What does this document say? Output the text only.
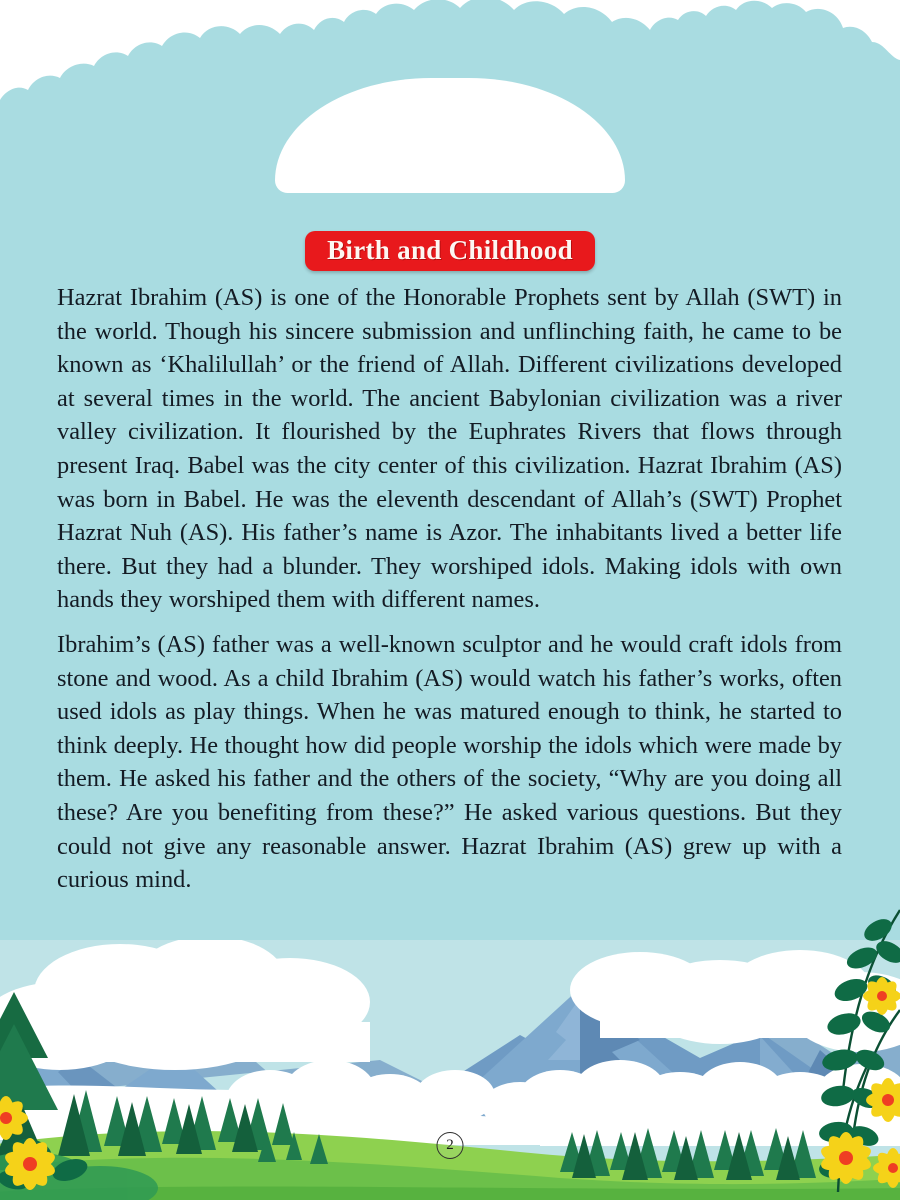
Birth and Childhood

Hazrat Ibrahim (AS) is one of the Honorable Prophets sent by Allah (SWT) in the world. Though his sincere submission and unflinching faith, he came to be known as ‘Khalilullah’ or the friend of Allah. Different civilizations developed at several times in the world. The ancient Babylonian civilization was a river valley civilization. It flourished by the Euphrates Rivers that flows through present Iraq. Babel was the city center of this civilization. Hazrat Ibrahim (AS) was born in Babel. He was the eleventh descendant of Allah’s (SWT) Prophet Hazrat Nuh (AS). His father’s name is Azor. The inhabitants lived a better life there. But they had a blunder. They worshiped idols. Making idols with own hands they worshiped them with different names.

Ibrahim’s (AS) father was a well-known sculptor and he would craft idols from stone and wood. As a child Ibrahim (AS) would watch his father’s works, often used idols as play things. When he was matured enough to think, he started to think deeply. He thought how did people worship the idols which were made by them. He asked his father and the others of the society, “Why are you doing all these? Are you benefiting from these?” He asked various questions. But they could not give any reasonable answer. Hazrat Ibrahim (AS) grew up with a curious mind.

2
